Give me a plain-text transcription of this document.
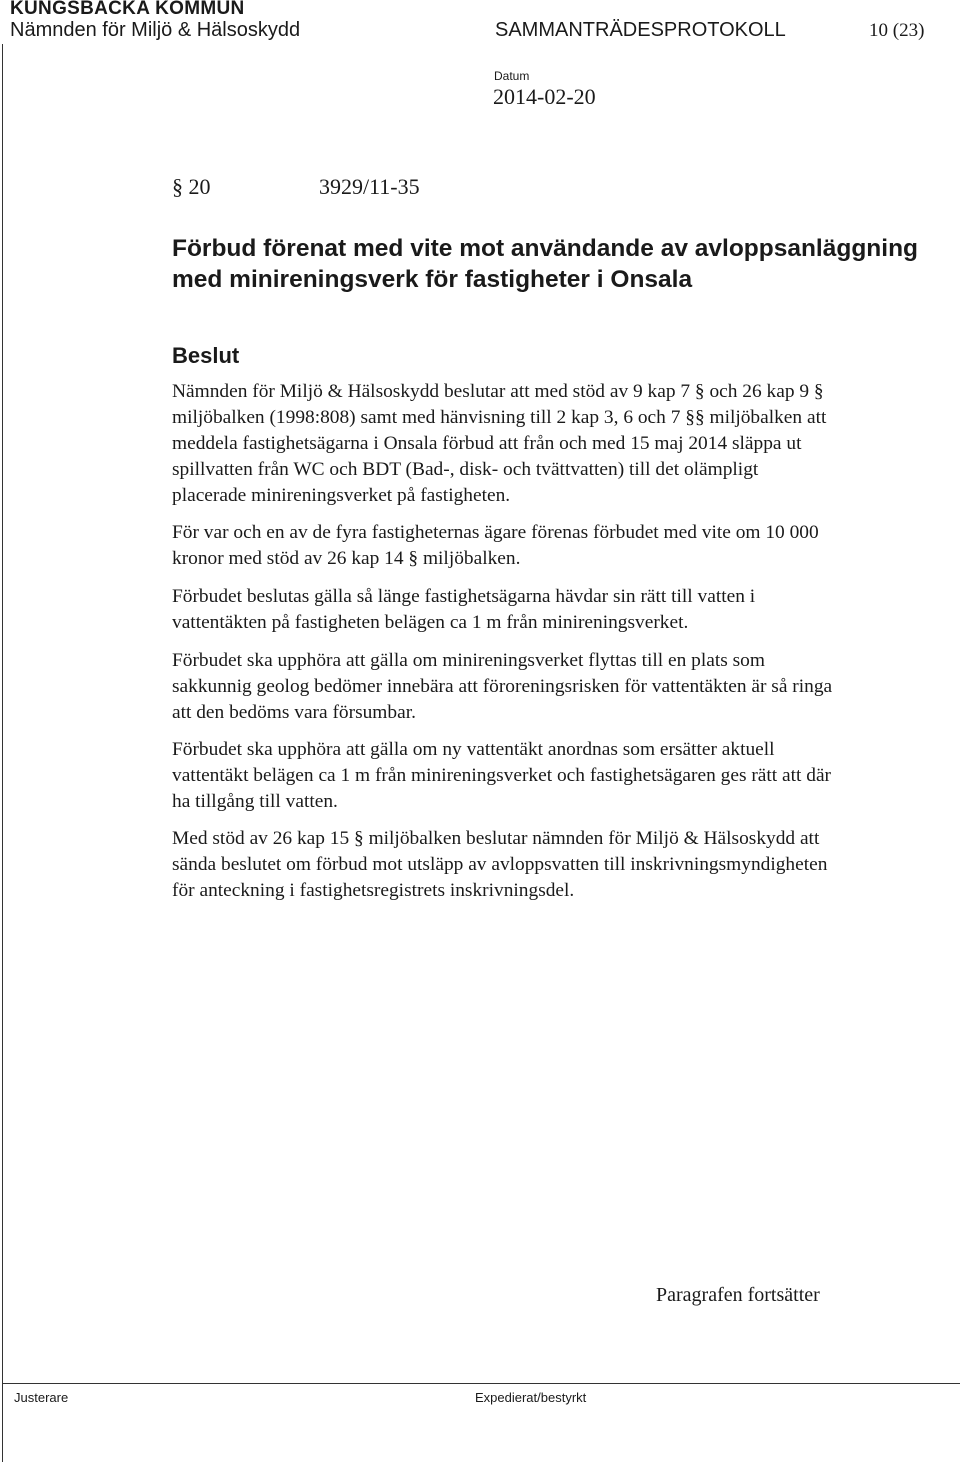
KUNGSBACKA KOMMUN
Nämnden för Miljö & Hälsoskydd	SAMMANTRÄDESPROTOKOLL	10 (23)
Datum
2014-02-20
§ 20	3929/11-35
Förbud förenat med vite mot användande av avloppsanläggning med minireningsverk för fastigheter i Onsala
Beslut
Nämnden för Miljö & Hälsoskydd beslutar att med stöd av 9 kap 7 § och 26 kap 9 §
miljöbalken (1998:808) samt med hänvisning till 2 kap 3, 6 och 7 §§ miljöbalken att
meddela fastighetsägarna i Onsala förbud att från och med 15 maj 2014 släppa ut
spillvatten från WC och BDT (Bad-, disk- och tvättvatten) till det olämpligt
placerade minireningsverket på fastigheten.
För var och en av de fyra fastigheternas ägare förenas förbudet med vite om 10 000
kronor med stöd av 26 kap 14 § miljöbalken.
Förbudet beslutas gälla så länge fastighetsägarna hävdar sin rätt till vatten i
vattentäkten på fastigheten belägen ca 1 m från minireningsverket.
Förbudet ska upphöra att gälla om minireningsverket flyttas till en plats som
sakkunnig geolog bedömer innebära att föroreningsrisken för vattentäkten är så ringa
att den bedöms vara försumbar.
Förbudet ska upphöra att gälla om ny vattentäkt anordnas som ersätter aktuell
vattentäkt belägen ca 1 m från minireningsverket och fastighetsägaren ges rätt att där
ha tillgång till vatten.
Med stöd av 26 kap 15 § miljöbalken beslutar nämnden för Miljö & Hälsoskydd att
sända beslutet om förbud mot utsläpp av avloppsvatten till inskrivningsmyndigheten
för anteckning i fastighetsregistrets inskrivningsdel.
Paragrafen fortsätter
Justerare	Expedierat/bestyrkt
